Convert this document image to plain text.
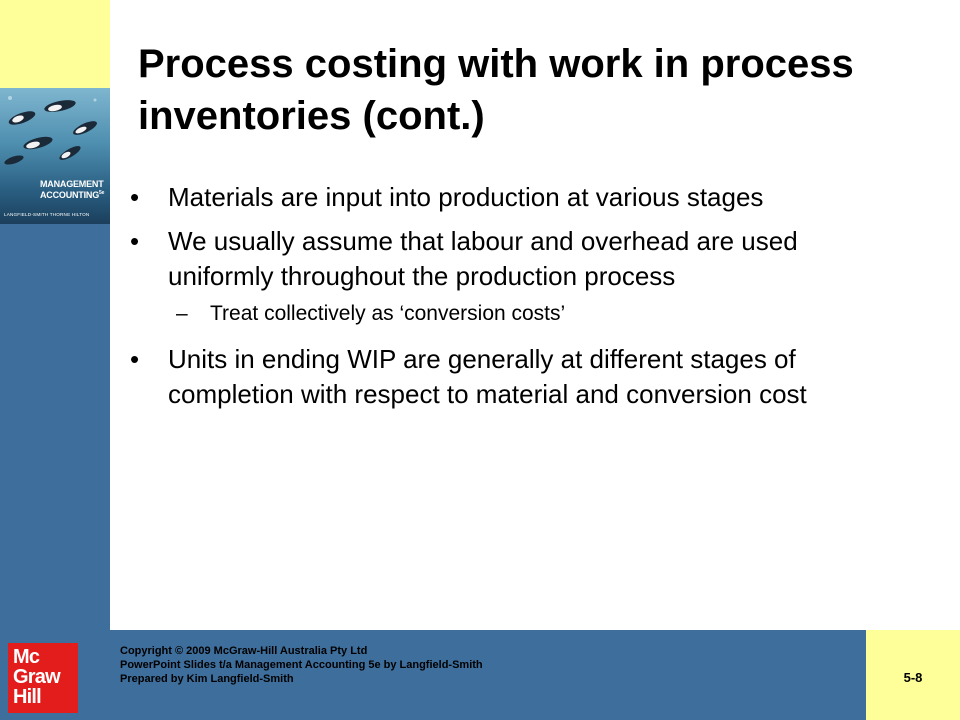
MANAGEMENT
$ACCOUNTING^{5e}$
LANGFIELD-SMITH THORNE HILTON
Process costing with work in process inventories (cont.)
• Materials are input into production at various stages
• We usually assume that labour and overhead are used uniformly throughout the production process
– Treat collectively as ‘conversion costs’
• Units in ending WIP are generally at different stages of completion with respect to material and conversion cost
Mc
Graw
Hill
Copyright © 2009 McGraw-Hill Australia Pty Ltd
PowerPoint Slides t/a Management Accounting 5e by Langfield-Smith
Prepared by Kim Langfield-Smith	5-8
